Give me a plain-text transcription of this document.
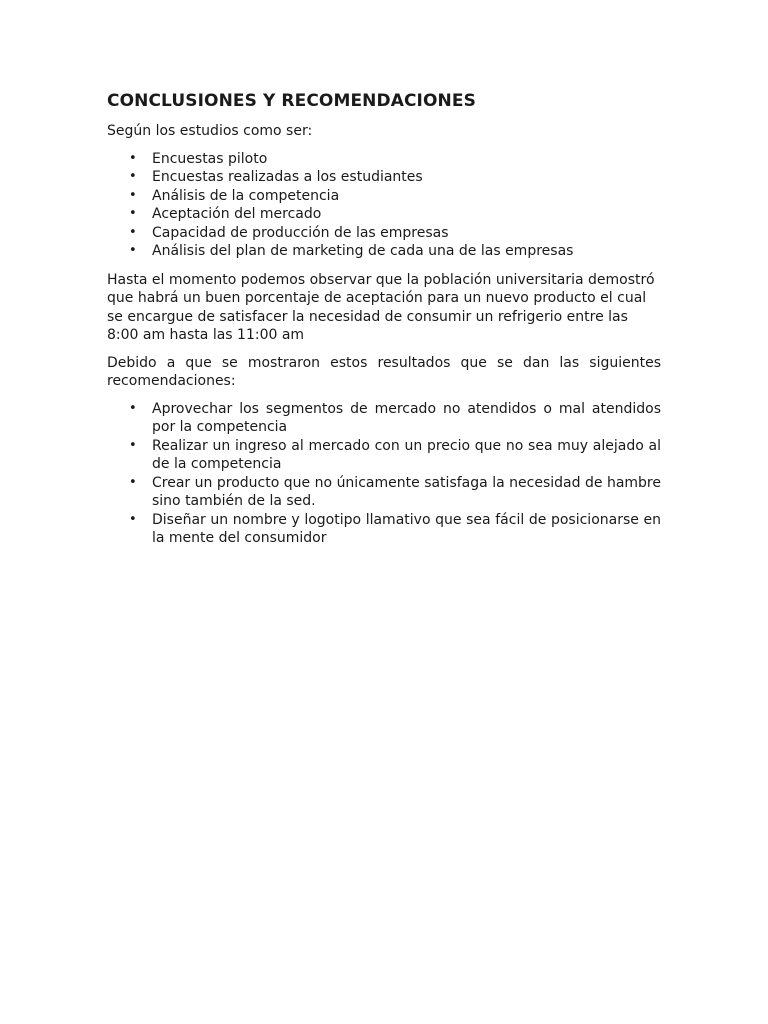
CONCLUSIONES Y RECOMENDACIONES

Según los estudios como ser:

• Encuestas piloto
• Encuestas realizadas a los estudiantes
• Análisis de la competencia
• Aceptación del mercado
• Capacidad de producción de las empresas
• Análisis del plan de marketing de cada una de las empresas

Hasta el momento podemos observar que la población universitaria demostró que habrá un buen porcentaje de aceptación para un nuevo producto el cual se encargue de satisfacer la necesidad de consumir un refrigerio entre las 8:00 am hasta las 11:00 am

Debido a que se mostraron estos resultados que se dan las siguientes recomendaciones:

• Aprovechar los segmentos de mercado no atendidos o mal atendidos por la competencia
• Realizar un ingreso al mercado con un precio que no sea muy alejado al de la competencia
• Crear un producto que no únicamente satisfaga la necesidad de hambre sino también de la sed.
• Diseñar un nombre y logotipo llamativo que sea fácil de posicionarse en la mente del consumidor
